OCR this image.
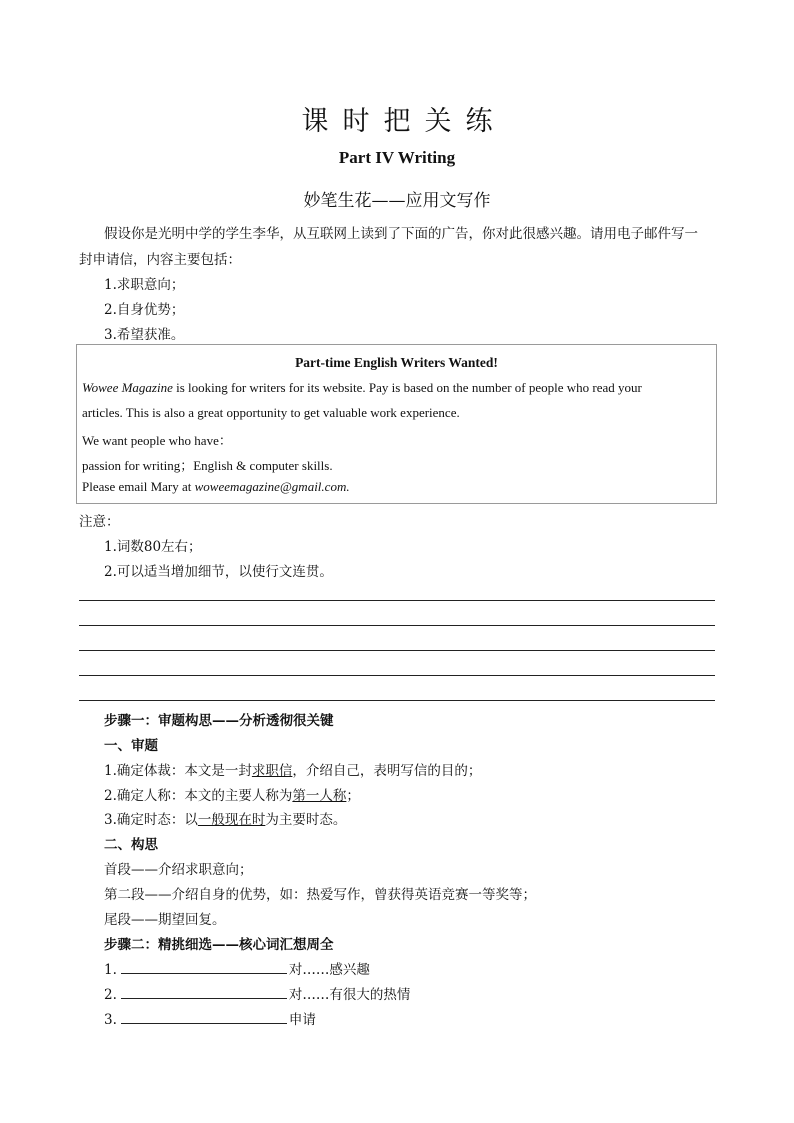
课时把关练
Part IV Writing
妙笔生花——应用文写作
假设你是光明中学的学生李华，从互联网上读到了下面的广告，你对此很感兴趣。请用电子邮件写一
封申请信，内容主要包括：
1.求职意向；
2.自身优势；
3.希望获准。
Part-time English Writers Wanted!
Wowee Magazine is looking for writers for its website. Pay is based on the number of people who read your
articles. This is also a great opportunity to get valuable work experience.
We want people who have：
passion for writing；English & computer skills.
Please email Mary at woweemagazine@gmail.com.
注意：
1.词数80左右；
2.可以适当增加细节，以使行文连贯。
步骤一：审题构思——分析透彻很关键
一、审题
1.确定体裁：本文是一封求职信，介绍自己，表明写信的目的；
2.确定人称：本文的主要人称为第一人称；
3.确定时态：以一般现在时为主要时态。
二、构思
首段——介绍求职意向；
第二段——介绍自身的优势，如：热爱写作，曾获得英语竞赛一等奖等；
尾段——期望回复。
步骤二：精挑细选——核心词汇想周全
1.	对……感兴趣
2.	对……有很大的热情
3.	申请
